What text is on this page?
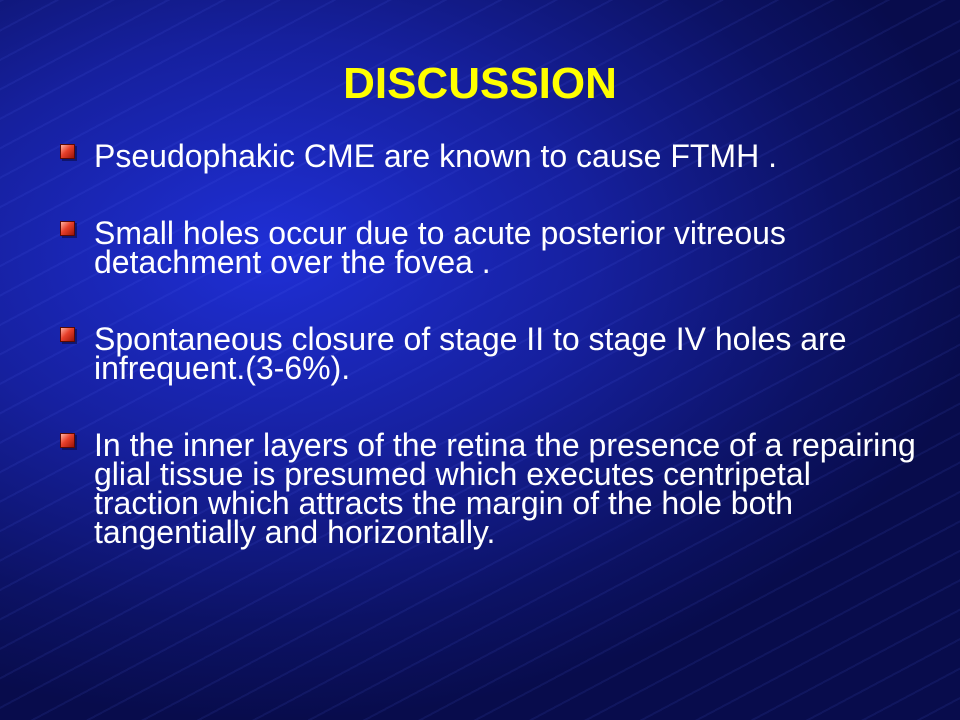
DISCUSSION
Pseudophakic CME are known to cause FTMH .
Small holes occur due to acute posterior vitreous detachment over the fovea .
Spontaneous closure of stage II to stage IV holes are infrequent.(3-6%).
In the inner layers of the retina the presence of a repairing glial tissue is presumed which executes centripetal traction which attracts the margin of the hole both tangentially and horizontally.
